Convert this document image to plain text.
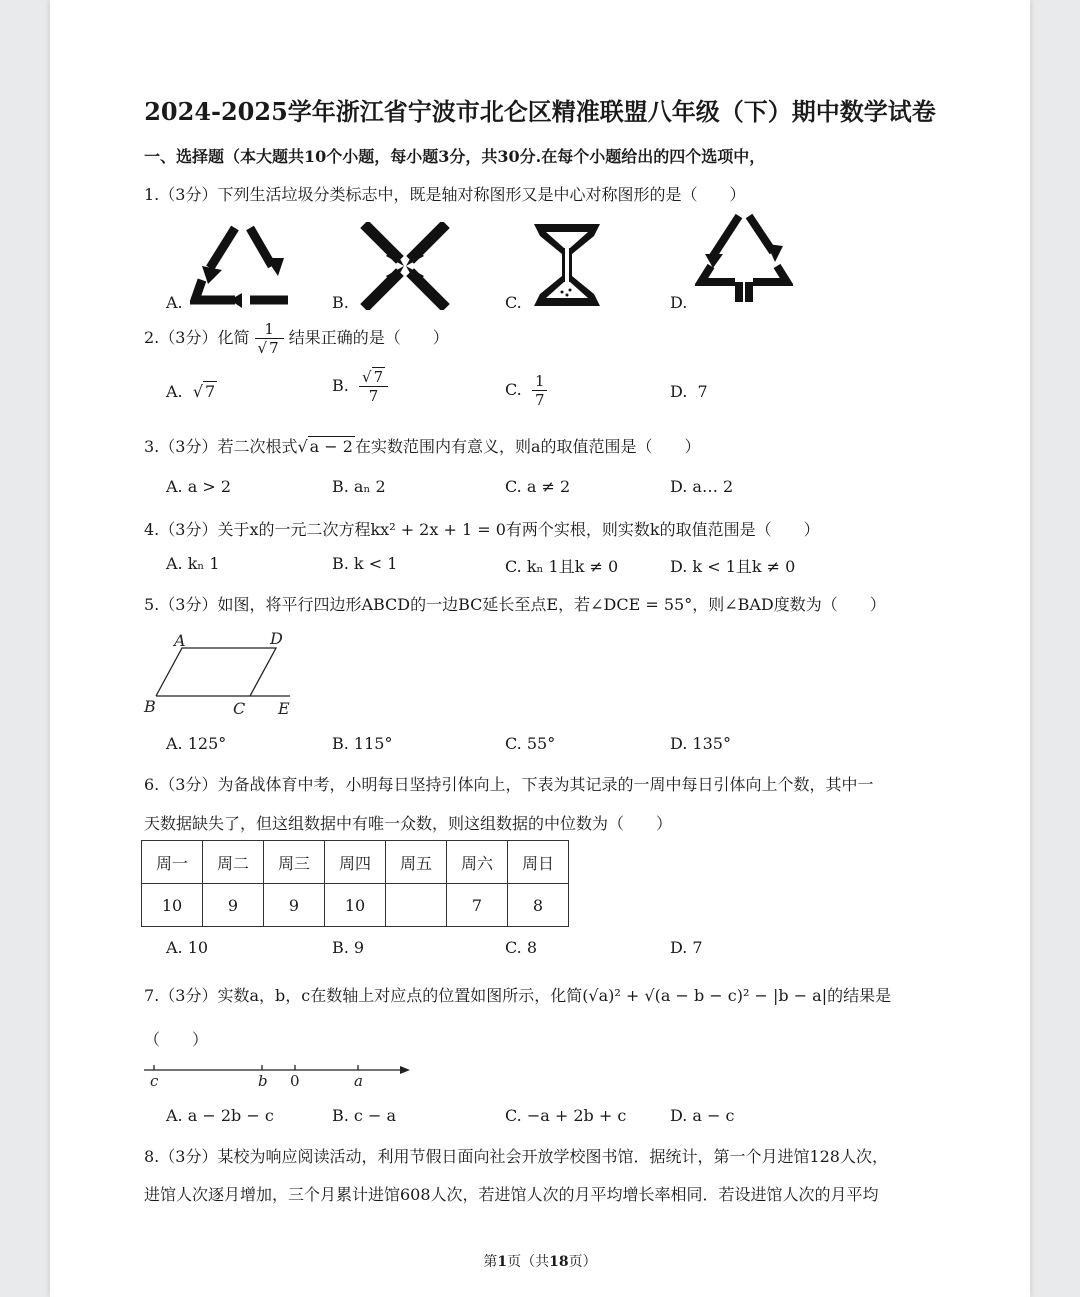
2024-2025学年浙江省宁波市北仑区精准联盟八年级（下）期中数学试卷
一、选择题（本大题共10个小题，每小题3分，共30分.在每个小题给出的四个选项中，
1.（3分）下列生活垃圾分类标志中，既是轴对称图形又是中心对称图形的是（　　）
A.	B.	C.	D.
2.（3分）化简 $\frac{1}{√ 7}$ 结果正确的是（　　）
A.  √ 7	B. $\frac{√ 7}{7}$	C. $\frac{1}{7}$	D. 7
3.（3分）若二次根式√ a − 2 在实数范围内有意义，则a的取值范围是（　　）
A. a > 2	B. aₙ 2	C. a ≠ 2	D. a… 2
4.（3分）关于x的一元二次方程kx² + 2x + 1 = 0有两个实根，则实数k的取值范围是（　　）
A. kₙ 1	B. k < 1	C. kₙ 1且k ≠ 0	D. k < 1且k ≠ 0
5.（3分）如图，将平行四边形ABCD的一边BC延长至点E，若∠DCE = 55°，则∠BAD度数为（　　）
A	D
B	C E
A. 125°	B. 115°	C. 55°	D. 135°
6.（3分）为备战体育中考，小明每日坚持引体向上，下表为其记录的一周中每日引体向上个数，其中一
天数据缺失了，但这组数据中有唯一众数，则这组数据的中位数为（　　）
周一	周二	周三	周四	周五	周六	周日
10	9	9	10		7	8
A. 10	B. 9	C. 8	D. 7
7.（3分）实数a，b，c在数轴上对应点的位置如图所示，化简(√a)² + √(a − b − c)² − |b − a|的结果是
（　　）
c	b 0	a
A. a − 2b − c	B. c − a	C. −a + 2b + c	D. a − c
8.（3分）某校为响应阅读活动，利用节假日面向社会开放学校图书馆．据统计，第一个月进馆128人次，
进馆人次逐月增加，三个月累计进馆608人次，若进馆人次的月平均增长率相同．若设进馆人次的月平均
第1页（共18页）
